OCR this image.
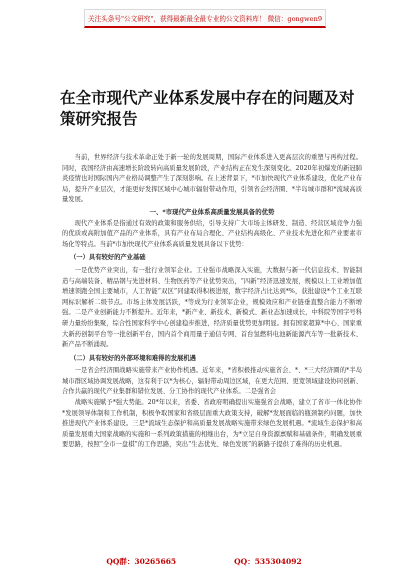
关注头条号"公文研究"，获得最新最全最专业的公文资料库！ 微信：gongwen9
在全市现代产业体系发展中存在的问题及对策研究报告

当前，世界经济与技术革命正处于新一轮的发展周期，国际产业体系进入更高层次的重塑与再构过程。同时，我国经济由高速增长阶段转向高质量发展阶段，产业结构正在发生深刻变化。2020年初爆发的新冠肺炎疫情也对国际国内产业格局调整产生了深刻影响。在上述背景下，*市加快现代产业体系建设，优化产业布局，提升产业层次，才能更好发挥区域中心城市辐射带动作用，引领省会经济圈、*半岛城市群和*流域高质量发展。

一、*市现代产业体系高质量发展具备的优势

现代产业体系是指通过有效的政策和服务供给，引导支持广大市场主体研发、制造、经营区域竞争力强的优质或高附加值产品的产业体系，具有产业布局合理化、产业结构高级化、产业技术先进化和产业要素市场化等特点。当前*市加快现代产业体系高质量发展具备以下优势：

（一）具有较好的产业基础

一是优势产业突出，有一批行业领军企业。工业强市战略深入实施，大数据与新一代信息技术、智能制造与高端装备、精品钢与先进材料、生物医药等产业优势突出，“四新”经济迅速发展，规模以上工业增加值增速领跑全国主要城市，人工智能“双区”同建取得积极进展，数字经济占比达到*%，获批建设*个工业互联网标识解析二级节点。市场主体发展活跃，*等成为行业领军企业，规模效应和产业链垂直整合能力不断增强。二是产业创新能力不断提升。近年来，*新产业、新技术、新模式、新业态加速成长，中科院等国字号科研力量纷纷集聚，综合性国家科学中心创建稳步推进，经济质量优势更加明显。拥有国家超算*中心、国家重大新药创制平台等一批创新平台，国内首个商用量子通信专网、首台氢燃料电池新能源汽车等一批新技术、新产品不断涌现。

（二）具有较好的外部环境和难得的发展机遇

一是省会经济圈战略实施带来产业协作机遇。近年来，*省积极推动实施省会、*、*三大经济圈的*半岛城市群区域协调发展战略，这有利于以*为核心，辐射带动周边区域，在更大范围、更宽领域建设协同创新、合作共赢的现代产业集群和错位发展、分工协作的现代产业体系。二是强省会

战略实施赋予*强大势能。20*年以来，省委、省政府明确提出实施强省会战略，建立了省市一体化协作*发展领导体制和工作机制，积极争取国家和省级层面重大政策支持，破解*发展面临的瓶颈制约问题，加快推进现代产业体系建设。三是*流域生态保护和高质量发展战略实施带来绿色发展机遇。*流域生态保护和高质量发展重大国家战略的实施和一系列政策措施的相继出台，为*立足自身资源禀赋和基础条件，明确发展重要思路，按照“全市一盘棋”的工作思路，突出“生态优先、绿色发展”的新路子提供了难得的历史机遇。

QQ群：30265665	QQ：535304092
